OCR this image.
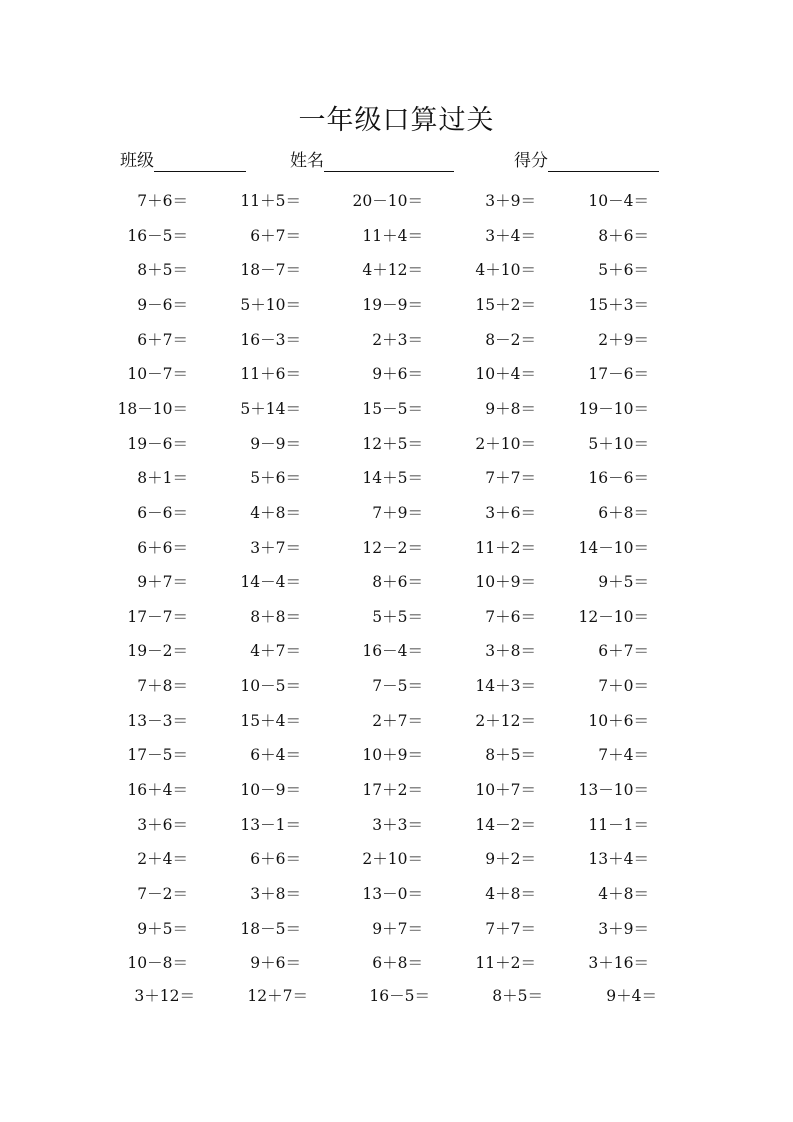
一年级口算过关
班级	姓名	得分
7＋6＝	11＋5＝	20－10＝	3＋9＝	10－4＝
16－5＝	6＋7＝	11＋4＝	3＋4＝	8＋6＝
8＋5＝	18－7＝	4＋12＝	4＋10＝	5＋6＝
9－6＝	5＋10＝	19－9＝	15＋2＝	15＋3＝
6＋7＝	16－3＝	2＋3＝	8－2＝	2＋9＝
10－7＝	11＋6＝	9＋6＝	10＋4＝	17－6＝
18－10＝	5＋14＝	15－5＝	9＋8＝	19－10＝
19－6＝	9－9＝	12＋5＝	2＋10＝	5＋10＝
8＋1＝	5＋6＝	14＋5＝	7＋7＝	16－6＝
6－6＝	4＋8＝	7＋9＝	3＋6＝	6＋8＝
6＋6＝	3＋7＝	12－2＝	11＋2＝	14－10＝
9＋7＝	14－4＝	8＋6＝	10＋9＝	9＋5＝
17－7＝	8＋8＝	5＋5＝	7＋6＝	12－10＝
19－2＝	4＋7＝	16－4＝	3＋8＝	6＋7＝
7＋8＝	10－5＝	7－5＝	14＋3＝	7＋0＝
13－3＝	15＋4＝	2＋7＝	2＋12＝	10＋6＝
17－5＝	6＋4＝	10＋9＝	8＋5＝	7＋4＝
16＋4＝	10－9＝	17＋2＝	10＋7＝	13－10＝
3＋6＝	13－1＝	3＋3＝	14－2＝	11－1＝
2＋4＝	6＋6＝	2＋10＝	9＋2＝	13＋4＝
7－2＝	3＋8＝	13－0＝	4＋8＝	4＋8＝
9＋5＝	18－5＝	9＋7＝	7＋7＝	3＋9＝
10－8＝	9＋6＝	6＋8＝	11＋2＝	3＋16＝
3＋12＝	12＋7＝	16－5＝	8＋5＝	9＋4＝
